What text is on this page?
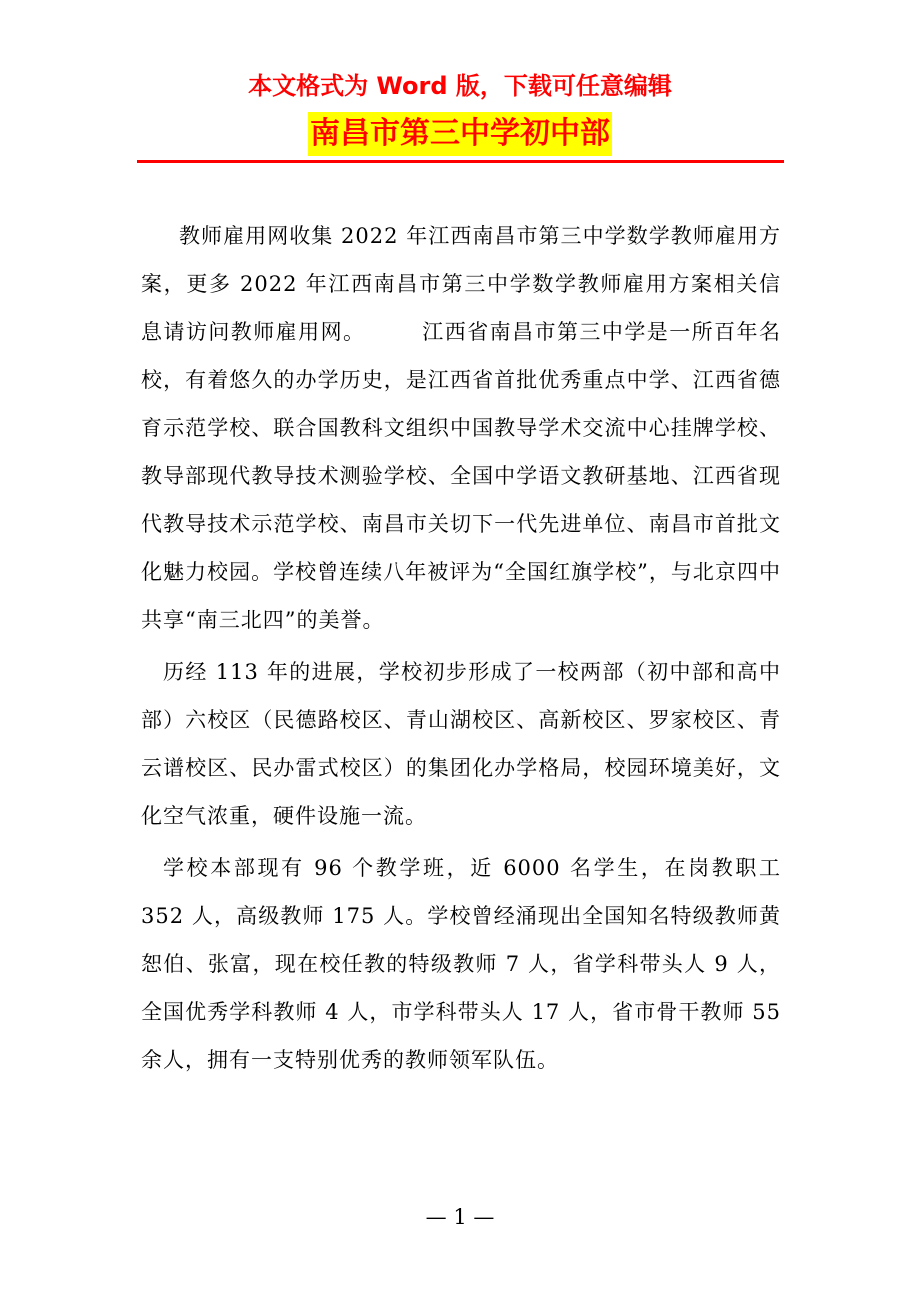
本文格式为 Word 版，下载可任意编辑
南昌市第三中学初中部

教师雇用网收集 2022 年江西南昌市第三中学数学教师雇用方案，更多 2022 年江西南昌市第三中学数学教师雇用方案相关信息请访问教师雇用网。　　　江西省南昌市第三中学是一所百年名校，有着悠久的办学历史，是江西省首批优秀重点中学、江西省德育示范学校、联合国教科文组织中国教导学术交流中心挂牌学校、教导部现代教导技术测验学校、全国中学语文教研基地、江西省现代教导技术示范学校、南昌市关切下一代先进单位、南昌市首批文化魅力校园。学校曾连续八年被评为“全国红旗学校”，与北京四中共享“南三北四”的美誉。

历经 113 年的进展，学校初步形成了一校两部（初中部和高中部）六校区（民德路校区、青山湖校区、高新校区、罗家校区、青云谱校区、民办雷式校区）的集团化办学格局，校园环境美好，文化空气浓重，硬件设施一流。

学校本部现有 96 个教学班，近 6000 名学生，在岗教职工 352 人，高级教师 175 人。学校曾经涌现出全国知名特级教师黄恕伯、张富，现在校任教的特级教师 7 人，省学科带头人 9 人，全国优秀学科教师 4 人，市学科带头人 17 人，省市骨干教师 55 余人，拥有一支特别优秀的教师领军队伍。

— 1 —
